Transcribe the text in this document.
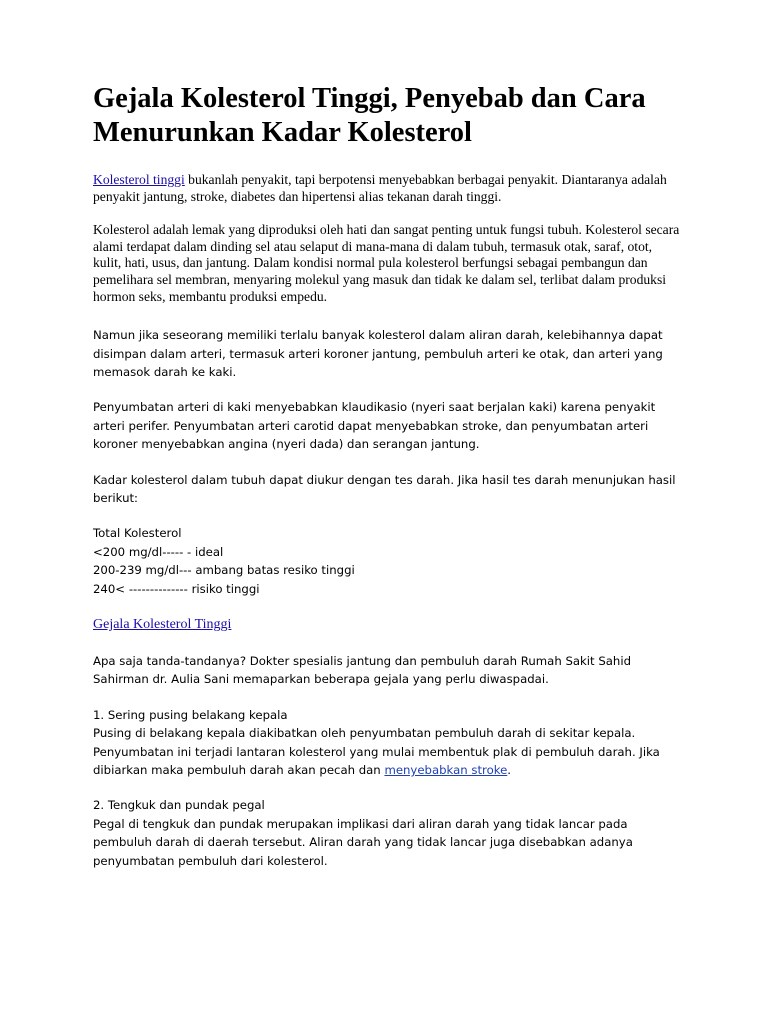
Gejala Kolesterol Tinggi, Penyebab dan Cara Menurunkan Kadar Kolesterol

Kolesterol tinggi bukanlah penyakit, tapi berpotensi menyebabkan berbagai penyakit. Diantaranya adalah penyakit jantung, stroke, diabetes dan hipertensi alias tekanan darah tinggi.

Kolesterol adalah lemak yang diproduksi oleh hati dan sangat penting untuk fungsi tubuh. Kolesterol secara alami terdapat dalam dinding sel atau selaput di mana-mana di dalam tubuh, termasuk otak, saraf, otot, kulit, hati, usus, dan jantung. Dalam kondisi normal pula kolesterol berfungsi sebagai pembangun dan pemelihara sel membran, menyaring molekul yang masuk dan tidak ke dalam sel, terlibat dalam produksi hormon seks, membantu produksi empedu.

Namun jika seseorang memiliki terlalu banyak kolesterol dalam aliran darah, kelebihannya dapat disimpan dalam arteri, termasuk arteri koroner jantung, pembuluh arteri ke otak, dan arteri yang memasok darah ke kaki.

Penyumbatan arteri di kaki menyebabkan klaudikasio (nyeri saat berjalan kaki) karena penyakit arteri perifer. Penyumbatan arteri carotid dapat menyebabkan stroke, dan penyumbatan arteri koroner menyebabkan angina (nyeri dada) dan serangan jantung.

Kadar kolesterol dalam tubuh dapat diukur dengan tes darah. Jika hasil tes darah menunjukan hasil berikut:

Total Kolesterol
<200 mg/dl----- - ideal
200-239 mg/dl--- ambang batas resiko tinggi
240< -------------- risiko tinggi

Gejala Kolesterol Tinggi

Apa saja tanda-tandanya? Dokter spesialis jantung dan pembuluh darah Rumah Sakit Sahid Sahirman dr. Aulia Sani memaparkan beberapa gejala yang perlu diwaspadai.

1. Sering pusing belakang kepala
Pusing di belakang kepala diakibatkan oleh penyumbatan pembuluh darah di sekitar kepala. Penyumbatan ini terjadi lantaran kolesterol yang mulai membentuk plak di pembuluh darah. Jika dibiarkan maka pembuluh darah akan pecah dan menyebabkan stroke.
2. Tengkuk dan pundak pegal
Pegal di tengkuk dan pundak merupakan implikasi dari aliran darah yang tidak lancar pada pembuluh darah di daerah tersebut. Aliran darah yang tidak lancar juga disebabkan adanya penyumbatan pembuluh dari kolesterol.
